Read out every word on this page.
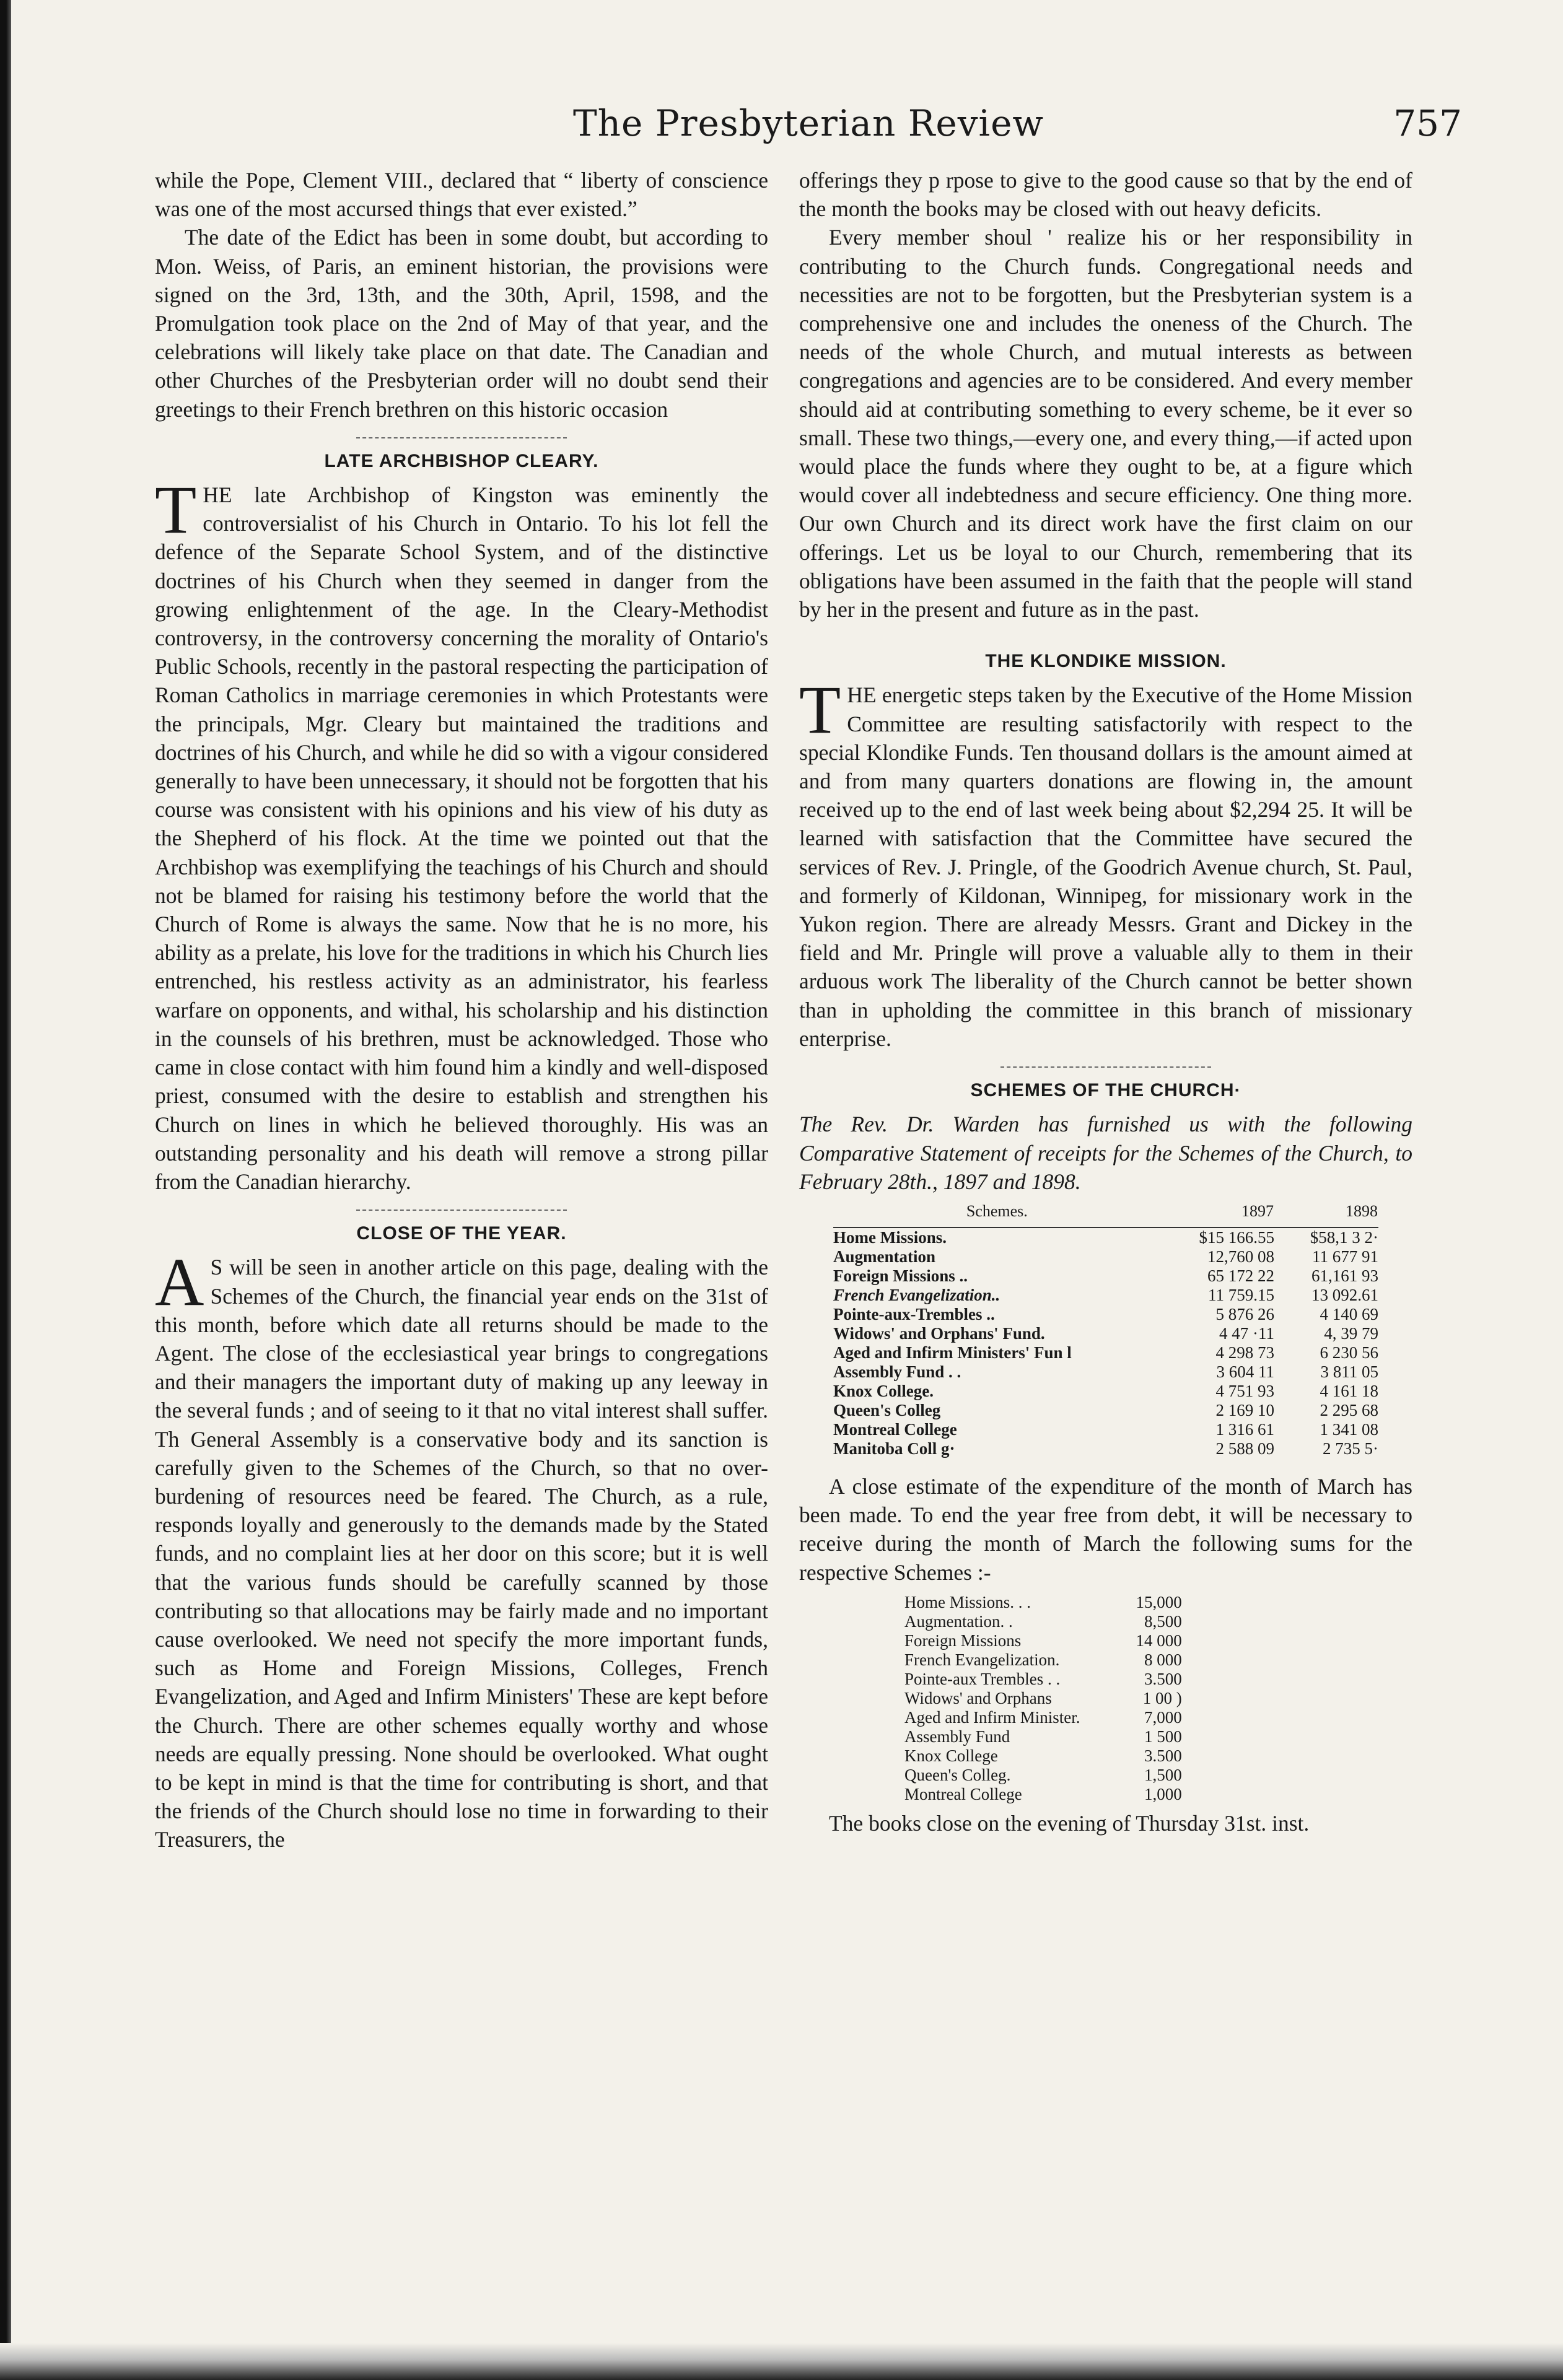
The Presbyterian Review	757

while the Pope, Clement VIII., declared that “ liberty of conscience was one of the most accursed things that ever existed.”

The date of the Edict has been in some doubt, but according to Mon. Weiss, of Paris, an eminent historian, the provisions were signed on the 3rd, 13th, and the 30th, April, 1598, and the Promulgation took place on the 2nd of May of that year, and the celebrations will likely take place on that date. The Canadian and other Churches of the Presbyterian order will no doubt send their greetings to their French brethren on this historic occasion

LATE ARCHBISHOP CLEARY.

THE late Archbishop of Kingston was eminently the controversialist of his Church in Ontario. To his lot fell the defence of the Separate School System, and of the distinctive doctrines of his Church when they seemed in danger from the growing enlightenment of the age. In the Cleary-Methodist controversy, in the controversy concerning the morality of Ontario's Public Schools, recently in the pastoral respecting the participation of Roman Catholics in marriage ceremonies in which Protestants were the principals, Mgr. Cleary but maintained the traditions and doctrines of his Church, and while he did so with a vigour considered generally to have been unnecessary, it should not be forgotten that his course was consistent with his opinions and his view of his duty as the Shepherd of his flock. At the time we pointed out that the Archbishop was exemplifying the teachings of his Church and should not be blamed for raising his testimony before the world that the Church of Rome is always the same. Now that he is no more, his ability as a prelate, his love for the traditions in which his Church lies entrenched, his restless activity as an administrator, his fearless warfare on opponents, and withal, his scholarship and his distinction in the counsels of his brethren, must be acknowledged. Those who came in close contact with him found him a kindly and well-disposed priest, consumed with the desire to establish and strengthen his Church on lines in which he believed thoroughly. His was an outstanding personality and his death will remove a strong pillar from the Canadian hierarchy.

CLOSE OF THE YEAR.

A S will be seen in another article on this page, dealing with the Schemes of the Church, the financial year ends on the 31st of this month, before which date all returns should be made to the Agent. The close of the ecclesiastical year brings to congregations and their managers the important duty of making up any leeway in the several funds ; and of seeing to it that no vital interest shall suffer. Th General Assembly is a conservative body and its sanction is carefully given to the Schemes of the Church, so that no over-burdening of resources need be feared. The Church, as a rule, responds loyally and generously to the demands made by the Stated funds, and no complaint lies at her door on this score; but it is well that the various funds should be carefully scanned by those contributing so that allocations may be fairly made and no important cause overlooked. We need not specify the more important funds, such as Home and Foreign Missions, Colleges, French Evangelization, and Aged and Infirm Ministers' These are kept before the Church. There are other schemes equally worthy and whose needs are equally pressing. None should be overlooked. What ought to be kept in mind is that the time for contributing is short, and that the friends of the Church should lose no time in forwarding to their Treasurers, the

offerings they p rpose to give to the good cause so that by the end of the month the books may be closed with out heavy deficits.

Every member shoul ' realize his or her responsibility in contributing to the Church funds. Congregational needs and necessities are not to be forgotten, but the Presbyterian system is a comprehensive one and includes the oneness of the Church. The needs of the whole Church, and mutual interests as between congregations and agencies are to be considered. And every member should aid at contributing something to every scheme, be it ever so small. These two things,—every one, and every thing,—if acted upon would place the funds where they ought to be, at a figure which would cover all indebtedness and secure efficiency. One thing more. Our own Church and its direct work have the first claim on our offerings. Let us be loyal to our Church, remembering that its obligations have been assumed in the faith that the people will stand by her in the present and future as in the past.

THE KLONDIKE MISSION.

THE energetic steps taken by the Executive of the Home Mission Committee are resulting satisfactorily with respect to the special Klondike Funds. Ten thousand dollars is the amount aimed at and from many quarters donations are flowing in, the amount received up to the end of last week being about $2,294 25. It will be learned with satisfaction that the Committee have secured the services of Rev. J. Pringle, of the Goodrich Avenue church, St. Paul, and formerly of Kildonan, Winnipeg, for missionary work in the Yukon region. There are already Messrs. Grant and Dickey in the field and Mr. Pringle will prove a valuable ally to them in their arduous work The liberality of the Church cannot be better shown than in upholding the committee in this branch of missionary enterprise.

SCHEMES OF THE CHURCH·

The Rev. Dr. Warden has furnished us with the following Comparative Statement of receipts for the Schemes of the Church, to February 28th., 1897 and 1898.

Schemes.	1897	1898
Home Missions.	$15 166.55	$58,1 3 2·
Augmentation	12,760 08	11 677 91
Foreign Missions ..	65 172 22	61,161 93
French Evangelization..	11 759.15	13 092.61
Pointe-aux-Trembles ..	5 876 26	4 140 69
Widows' and Orphans' Fund.	4 47 ·11	4, 39 79
Aged and Infirm Ministers' Fun l	4 298 73	6 230 56
Assembly Fund . .	3 604 11	3 811 05
Knox College.	4 751 93	4 161 18
Queen's Colleg	2 169 10	2 295 68
Montreal College	1 316 61	1 341 08
Manitoba Coll g·	2 588 09	2 735 5·

A close estimate of the expenditure of the month of March has been made. To end the year free from debt, it will be necessary to receive during the month of March the following sums for the respective Schemes :-

Home Missions. . .	15,000
Augmentation. .	8,500
Foreign Missions	14 000
French Evangelization.	8 000
Pointe-aux Trembles . .	3.500
Widows' and Orphans	1 00 )
Aged and Infirm Minister.	7,000
Assembly Fund	1 500
Knox College	3.500
Queen's Colleg.	1,500
Montreal College	1,000

The books close on the evening of Thursday 31st. inst.
